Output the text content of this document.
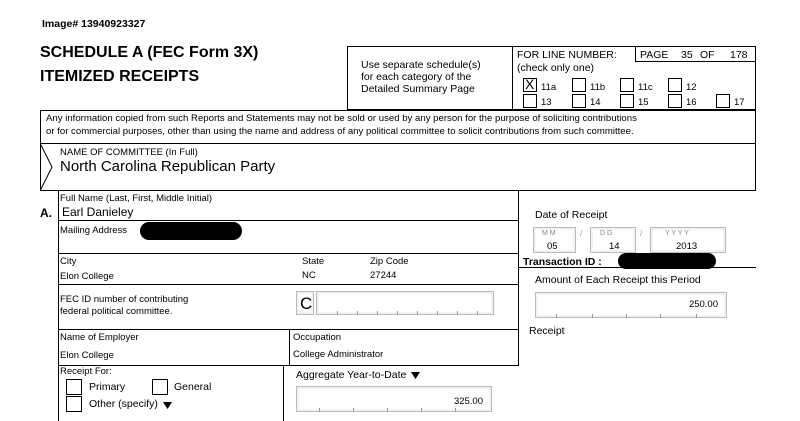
Image# 13940923327
SCHEDULE A (FEC Form 3X)
ITEMIZED RECEIPTS
Use separate schedule(s) for each category of the Detailed Summary Page
FOR LINE NUMBER:
(check only one)
PAGE 35 OF 178
X 11a	11b	11c	12
13	14	15	16	17
Any information copied from such Reports and Statements may not be sold or used by any person for the purpose of soliciting contributions
or for commercial purposes, other than using the name and address of any political committee to solicit contributions from such committee.
NAME OF COMMITTEE (In Full)
North Carolina Republican Party
Full Name (Last, First, Middle Initial)
A. Earl Danieley
Mailing Address
City	State	Zip Code
Elon College	NC	27244
FEC ID number of contributing
federal political committee.	C
Name of Employer	Occupation
Elon College	College Administrator
Receipt For:
Primary	General
Other (specify)
Aggregate Year-to-Date
325.00
Date of Receipt
M M
05
/	D D
14
/	Y Y Y Y
2013
Transaction ID :
Amount of Each Receipt this Period
250.00
Receipt
